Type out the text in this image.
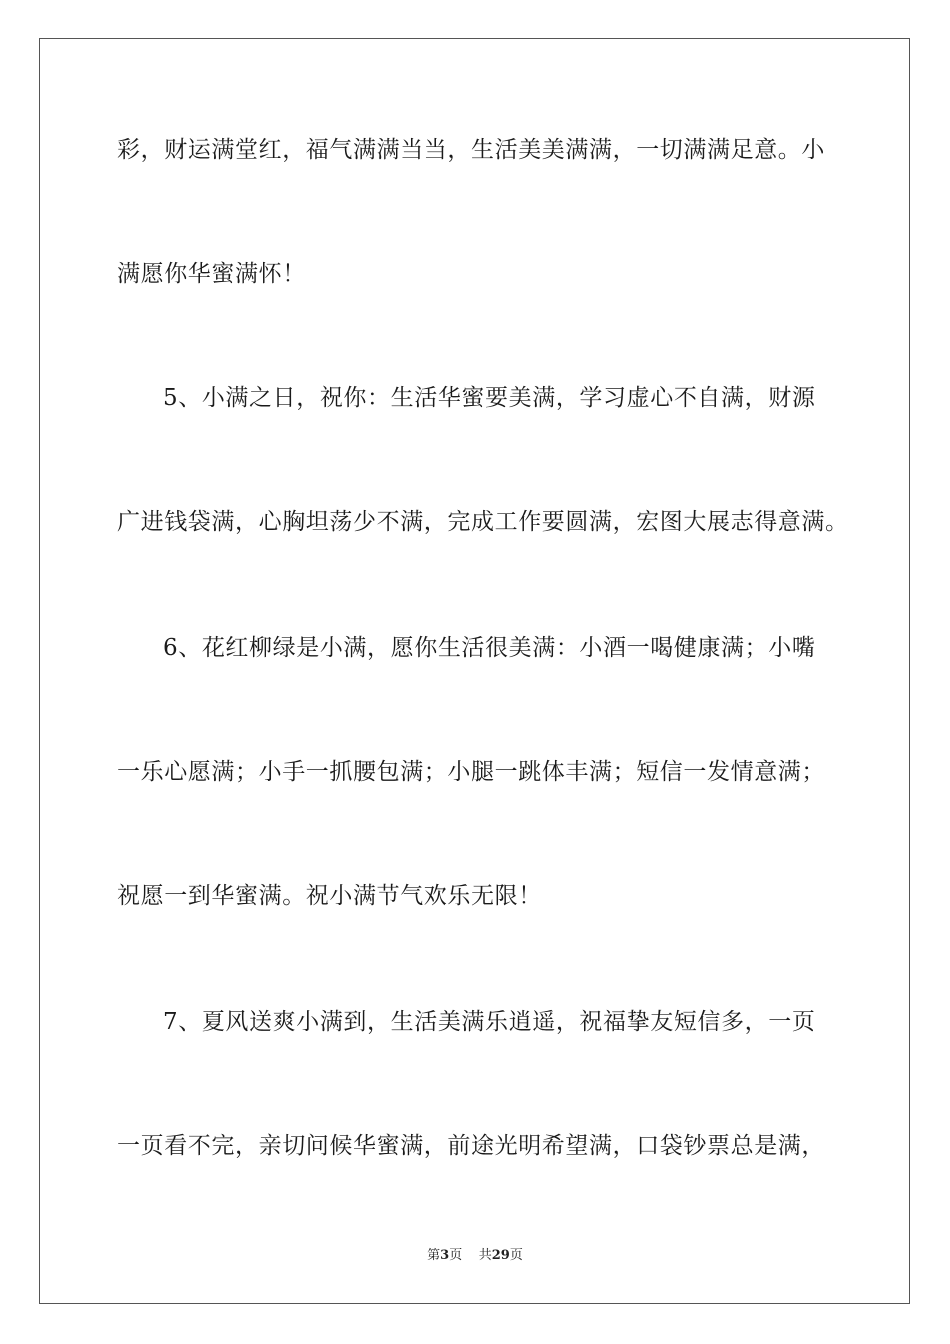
彩，财运满堂红，福气满满当当，生活美美满满，一切满满足意。小
满愿你华蜜满怀！
5、小满之日，祝你：生活华蜜要美满，学习虚心不自满，财源
广进钱袋满，心胸坦荡少不满，完成工作要圆满，宏图大展志得意满。
6、花红柳绿是小满，愿你生活很美满：小酒一喝健康满；小嘴
一乐心愿满；小手一抓腰包满；小腿一跳体丰满；短信一发情意满；
祝愿一到华蜜满。祝小满节气欢乐无限！
7、夏风送爽小满到，生活美满乐逍遥，祝福挚友短信多，一页
一页看不完，亲切问候华蜜满，前途光明希望满，口袋钞票总是满，
第3页 共29页
